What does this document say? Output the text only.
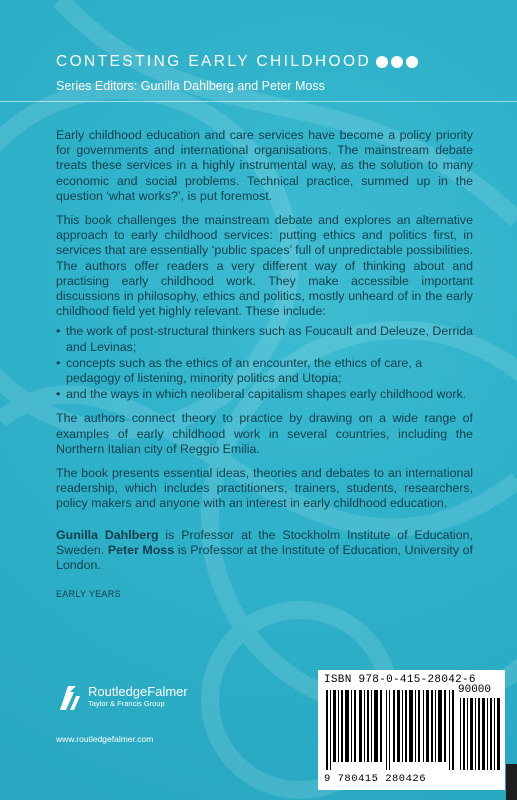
CONTESTING EARLY CHILDHOOD
Series Editors: Gunilla Dahlberg and Peter Moss

Early childhood education and care services have become a policy priority for governments and international organisations. The mainstream debate treats these services in a highly instrumental way, as the solution to many economic and social problems. Technical practice, summed up in the question ‘what works?’, is put foremost.

This book challenges the mainstream debate and explores an alternative approach to early childhood services: putting ethics and politics first, in services that are essentially ‘public spaces’ full of unpredictable possibilities. The authors offer readers a very different way of thinking about and practising early childhood work. They make accessible important discussions in philosophy, ethics and politics, mostly unheard of in the early childhood field yet highly relevant. These include:

• the work of post-structural thinkers such as Foucault and Deleuze, Derrida and Levinas;
• concepts such as the ethics of an encounter, the ethics of care, a pedagogy of listening, minority politics and Utopia;
• and the ways in which neoliberal capitalism shapes early childhood work.

The authors connect theory to practice by drawing on a wide range of examples of early childhood work in several countries, including the Northern Italian city of Reggio Emilia.

The book presents essential ideas, theories and debates to an international readership, which includes practitioners, trainers, students, researchers, policy makers and anyone with an interest in early childhood education.

Gunilla Dahlberg is Professor at the Stockholm Institute of Education, Sweden. Peter Moss is Professor at the Institute of Education, University of London.

EARLY YEARS
RoutledgeFalmer
Taylor & Francis Group
www.routledgefalmer.com
ISBN 978-0-415-28042-6
90000
9 780415 280426
